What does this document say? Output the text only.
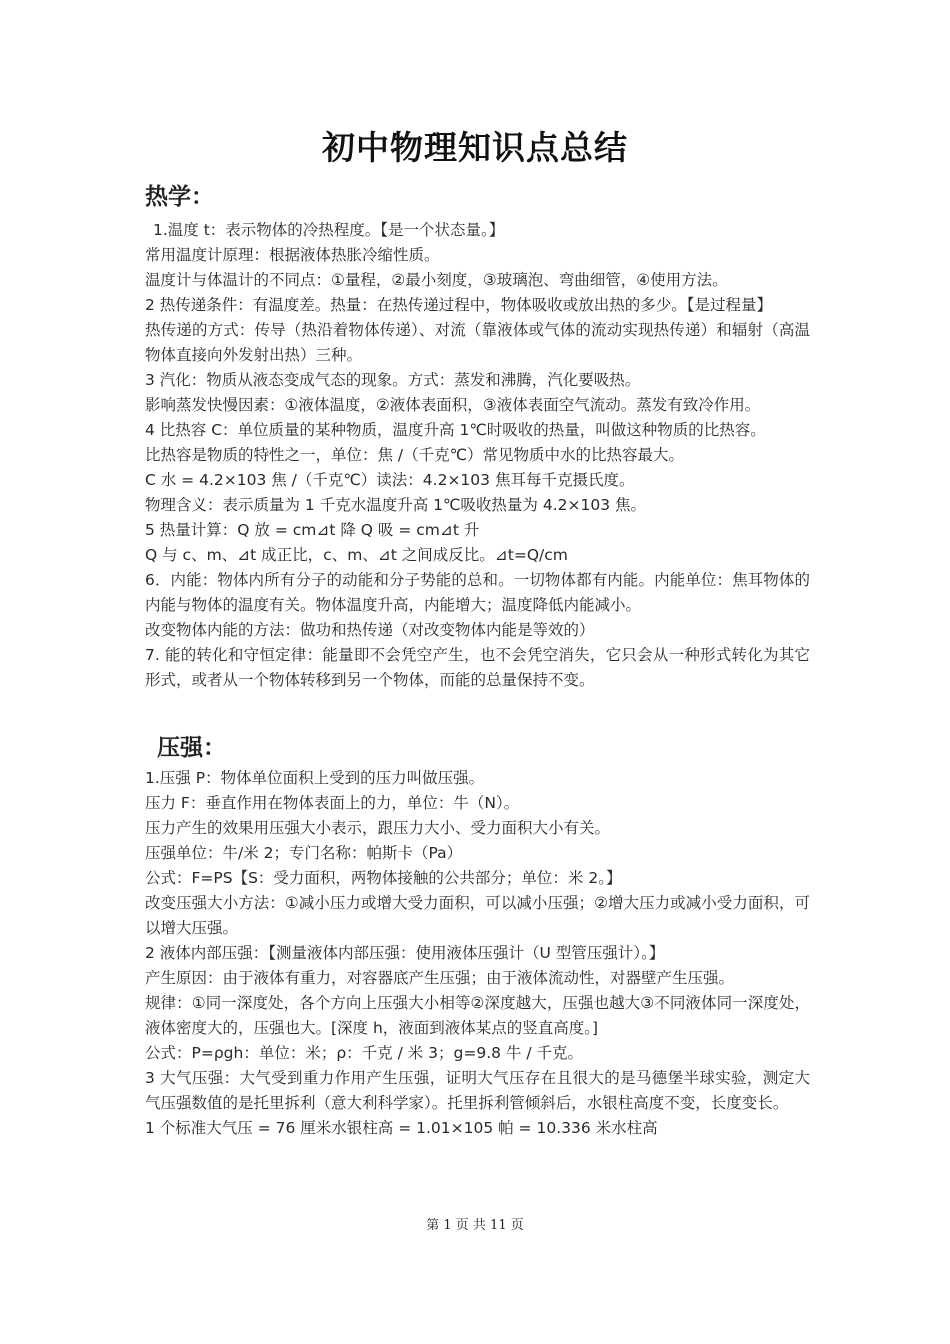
初中物理知识点总结
热学：

1.温度 t：表示物体的冷热程度。【是一个状态量。】

常用温度计原理：根据液体热胀冷缩性质。

温度计与体温计的不同点：①量程，②最小刻度，③玻璃泡、弯曲细管，④使用方法。

2 热传递条件：有温度差。热量：在热传递过程中，物体吸收或放出热的多少。【是过程量】

热传递的方式：传导（热沿着物体传递）、对流（靠液体或气体的流动实现热传递）和辐射（高温物体直接向外发射出热）三种。

3 汽化：物质从液态变成气态的现象。方式：蒸发和沸腾，汽化要吸热。

影响蒸发快慢因素：①液体温度，②液体表面积，③液体表面空气流动。蒸发有致冷作用。

4 比热容 C：单位质量的某种物质，温度升高 1℃时吸收的热量，叫做这种物质的比热容。

比热容是物质的特性之一，单位：焦 /（千克℃）常见物质中水的比热容最大。

C 水 = 4.2×103 焦 /（千克℃）读法：4.2×103 焦耳每千克摄氏度。

物理含义：表示质量为 1 千克水温度升高 1℃吸收热量为 4.2×103 焦。

5 热量计算：Q 放 = cm⊿t 降 Q 吸 = cm⊿t 升

Q 与 c、m、⊿t 成正比，c、m、⊿t 之间成反比。⊿t=Q/cm

6．内能：物体内所有分子的动能和分子势能的总和。一切物体都有内能。内能单位：焦耳物体的内能与物体的温度有关。物体温度升高，内能增大；温度降低内能减小。

改变物体内能的方法：做功和热传递（对改变物体内能是等效的）

7. 能的转化和守恒定律：能量即不会凭空产生，也不会凭空消失，它只会从一种形式转化为其它形式，或者从一个物体转移到另一个物体，而能的总量保持不变。

压强：

1.压强 P：物体单位面积上受到的压力叫做压强。

压力 F：垂直作用在物体表面上的力，单位：牛（N）。

压力产生的效果用压强大小表示，跟压力大小、受力面积大小有关。

压强单位：牛/米 2；专门名称：帕斯卡（Pa）

公式：F=PS【S：受力面积，两物体接触的公共部分；单位：米 2。】

改变压强大小方法：①减小压力或增大受力面积，可以减小压强；②增大压力或减小受力面积，可以增大压强。

2 液体内部压强：【测量液体内部压强：使用液体压强计（U 型管压强计）。】

产生原因：由于液体有重力，对容器底产生压强；由于液体流动性，对器壁产生压强。

规律：①同一深度处，各个方向上压强大小相等②深度越大，压强也越大③不同液体同一深度处，液体密度大的，压强也大。[深度 h，液面到液体某点的竖直高度。]

公式：P=ρgh：单位：米；ρ：千克 / 米 3；g=9.8 牛 / 千克。

3 大气压强：大气受到重力作用产生压强，证明大气压存在且很大的是马德堡半球实验，测定大气压强数值的是托里拆利（意大利科学家）。托里拆利管倾斜后，水银柱高度不变，长度变长。

1 个标准大气压 = 76 厘米水银柱高 = 1.01×105 帕 = 10.336 米水柱高

第 1 页 共 11 页
